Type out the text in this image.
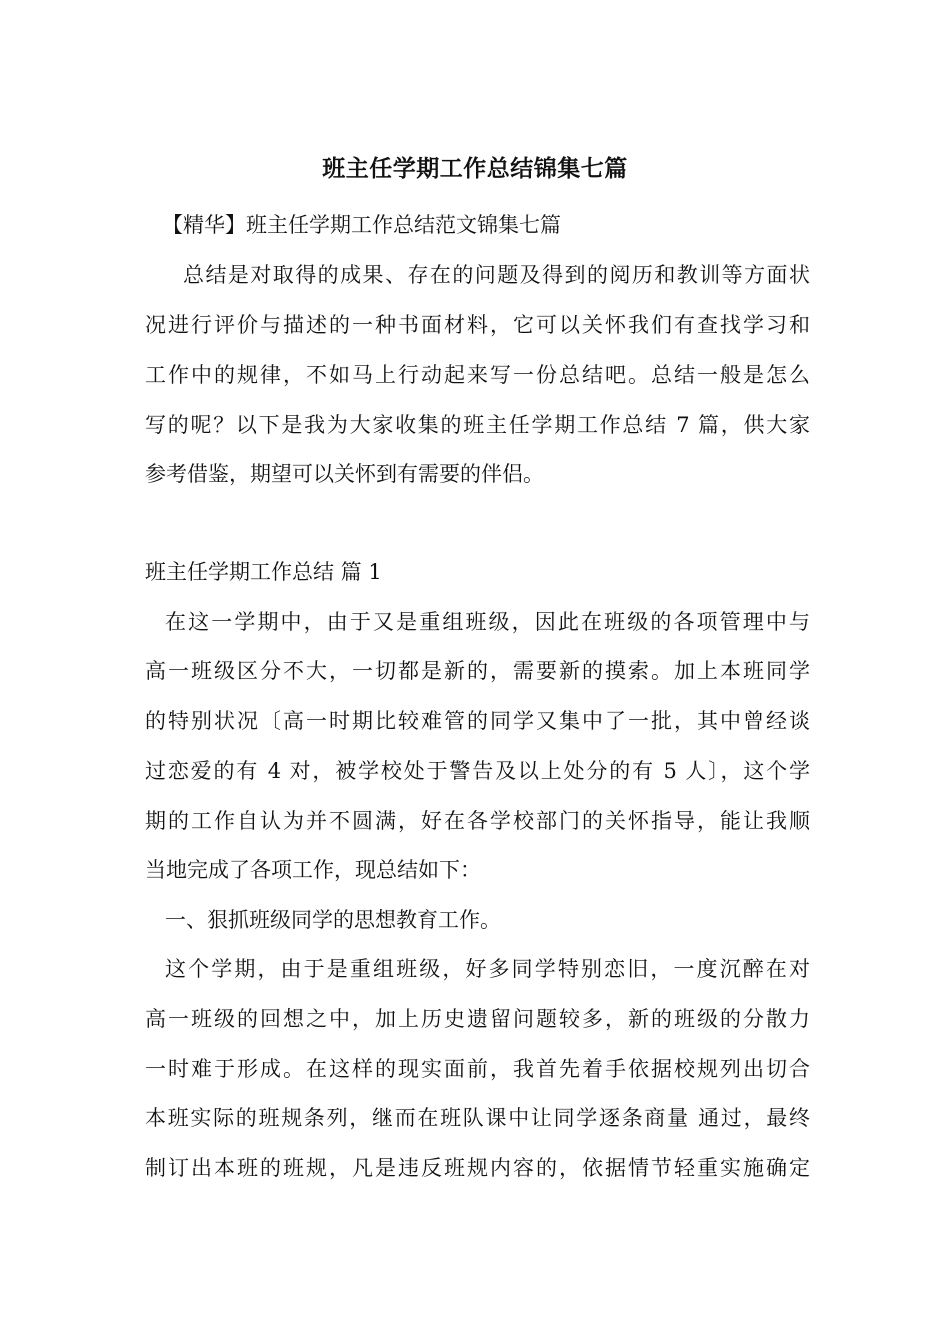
班主任学期工作总结锦集七篇
【精华】班主任学期工作总结范文锦集七篇
总结是对取得的成果、存在的问题及得到的阅历和教训等方面状
况进行评价与描述的一种书面材料，它可以关怀我们有查找学习和
工作中的规律，不如马上行动起来写一份总结吧。总结一般是怎么
写的呢？以下是我为大家收集的班主任学期工作总结 7 篇，供大家
参考借鉴，期望可以关怀到有需要的伴侣。
班主任学期工作总结 篇 1
在这一学期中，由于又是重组班级，因此在班级的各项管理中与
高一班级区分不大，一切都是新的，需要新的摸索。加上本班同学
的特别状况〔高一时期比较难管的同学又集中了一批，其中曾经谈
过恋爱的有 4 对，被学校处于警告及以上处分的有 5 人〕，这个学
期的工作自认为并不圆满，好在各学校部门的关怀指导，能让我顺
当地完成了各项工作，现总结如下：
一、狠抓班级同学的思想教育工作。
这个学期，由于是重组班级，好多同学特别恋旧，一度沉醉在对
高一班级的回想之中，加上历史遗留问题较多，新的班级的分散力
一时难于形成。在这样的现实面前，我首先着手依据校规列出切合
本班实际的班规条列，继而在班队课中让同学逐条商量 通过，最终
制订出本班的班规，凡是违反班规内容的，依据情节轻重实施确定
